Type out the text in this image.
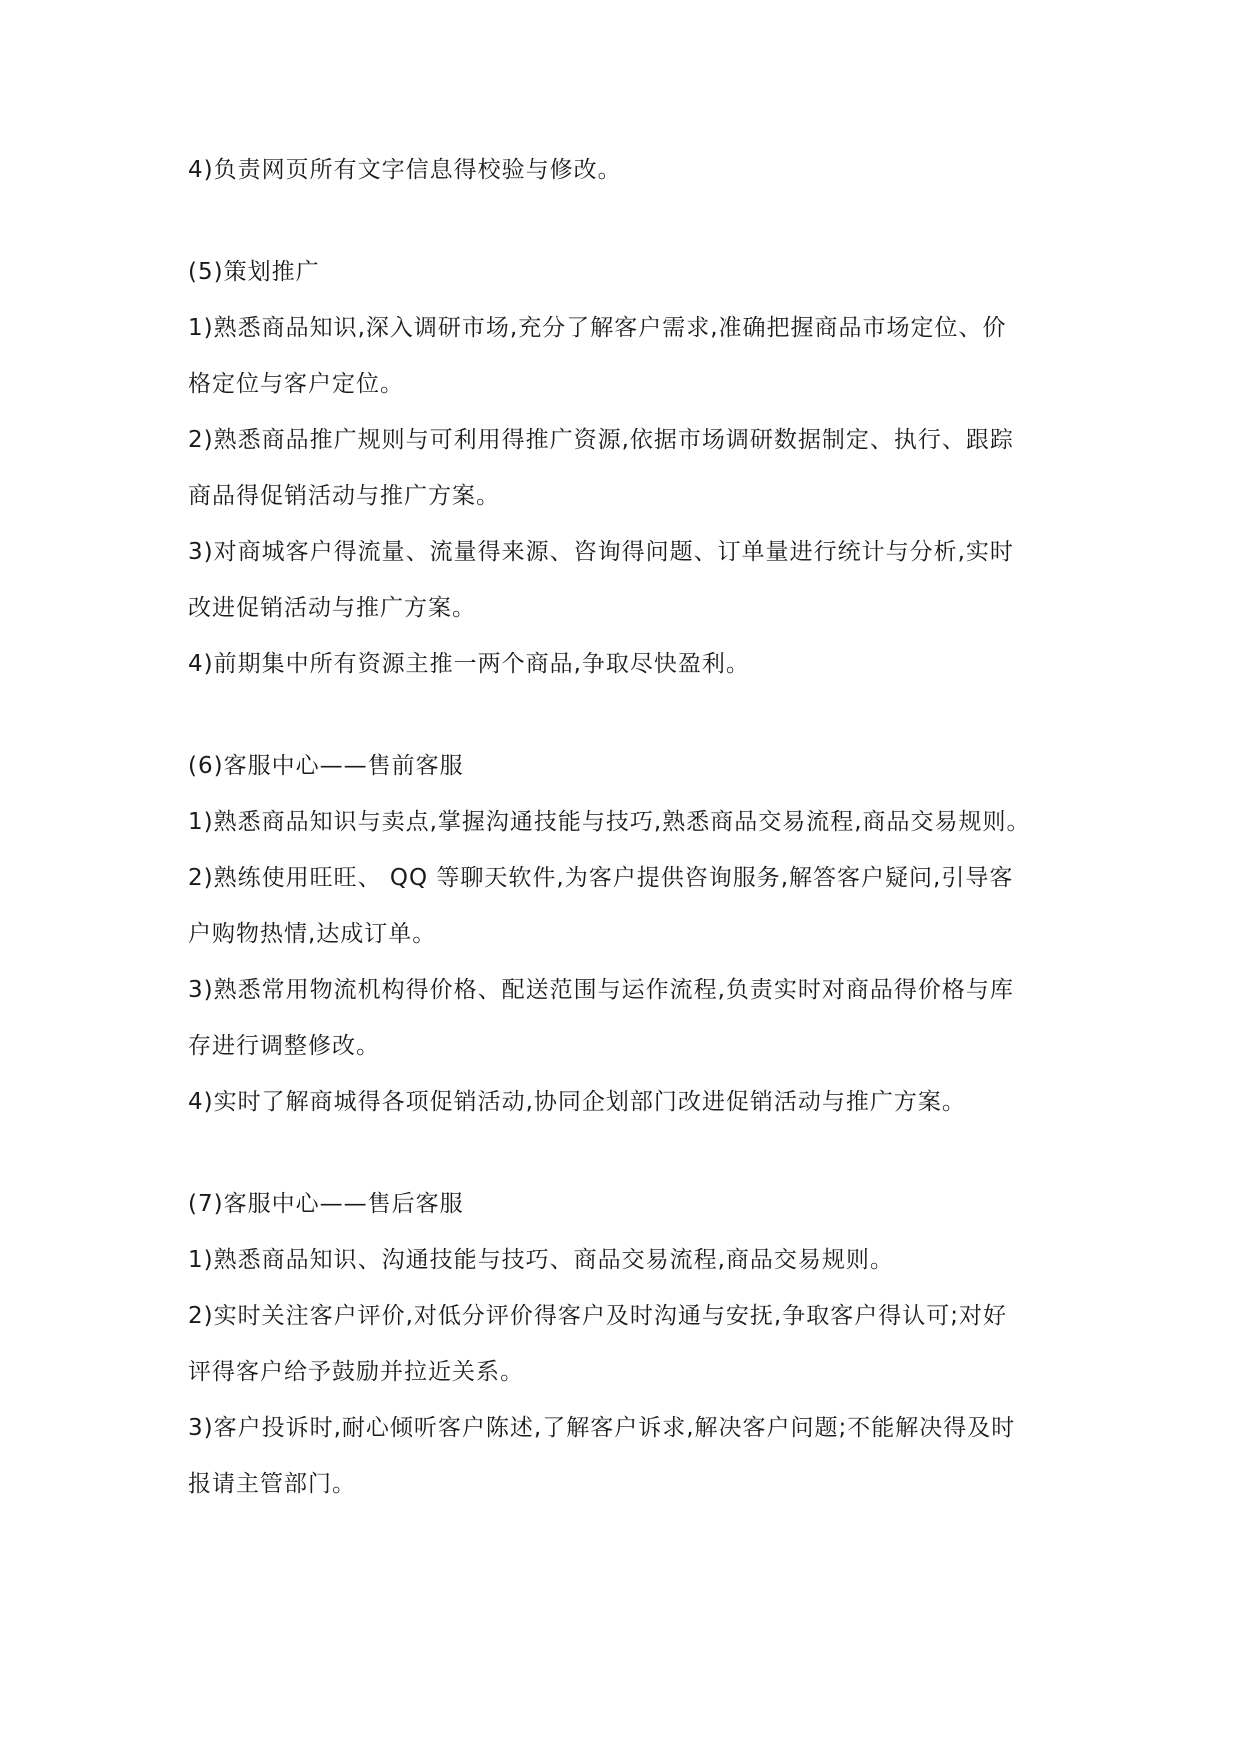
4)负责网页所有文字信息得校验与修改。
(5)策划推广
1)熟悉商品知识,深入调研市场,充分了解客户需求,准确把握商品市场定位、价
格定位与客户定位。
2)熟悉商品推广规则与可利用得推广资源,依据市场调研数据制定、执行、跟踪
商品得促销活动与推广方案。
3)对商城客户得流量、流量得来源、咨询得问题、订单量进行统计与分析,实时
改进促销活动与推广方案。
4)前期集中所有资源主推一两个商品,争取尽快盈利。
(6)客服中心——售前客服
1)熟悉商品知识与卖点,掌握沟通技能与技巧,熟悉商品交易流程,商品交易规则。
2)熟练使用旺旺、 QQ 等聊天软件,为客户提供咨询服务,解答客户疑问,引导客
户购物热情,达成订单。
3)熟悉常用物流机构得价格、配送范围与运作流程,负责实时对商品得价格与库
存进行调整修改。
4)实时了解商城得各项促销活动,协同企划部门改进促销活动与推广方案。
(7)客服中心——售后客服
1)熟悉商品知识、沟通技能与技巧、商品交易流程,商品交易规则。
2)实时关注客户评价,对低分评价得客户及时沟通与安抚,争取客户得认可;对好
评得客户给予鼓励并拉近关系。
3)客户投诉时,耐心倾听客户陈述,了解客户诉求,解决客户问题;不能解决得及时
报请主管部门。
